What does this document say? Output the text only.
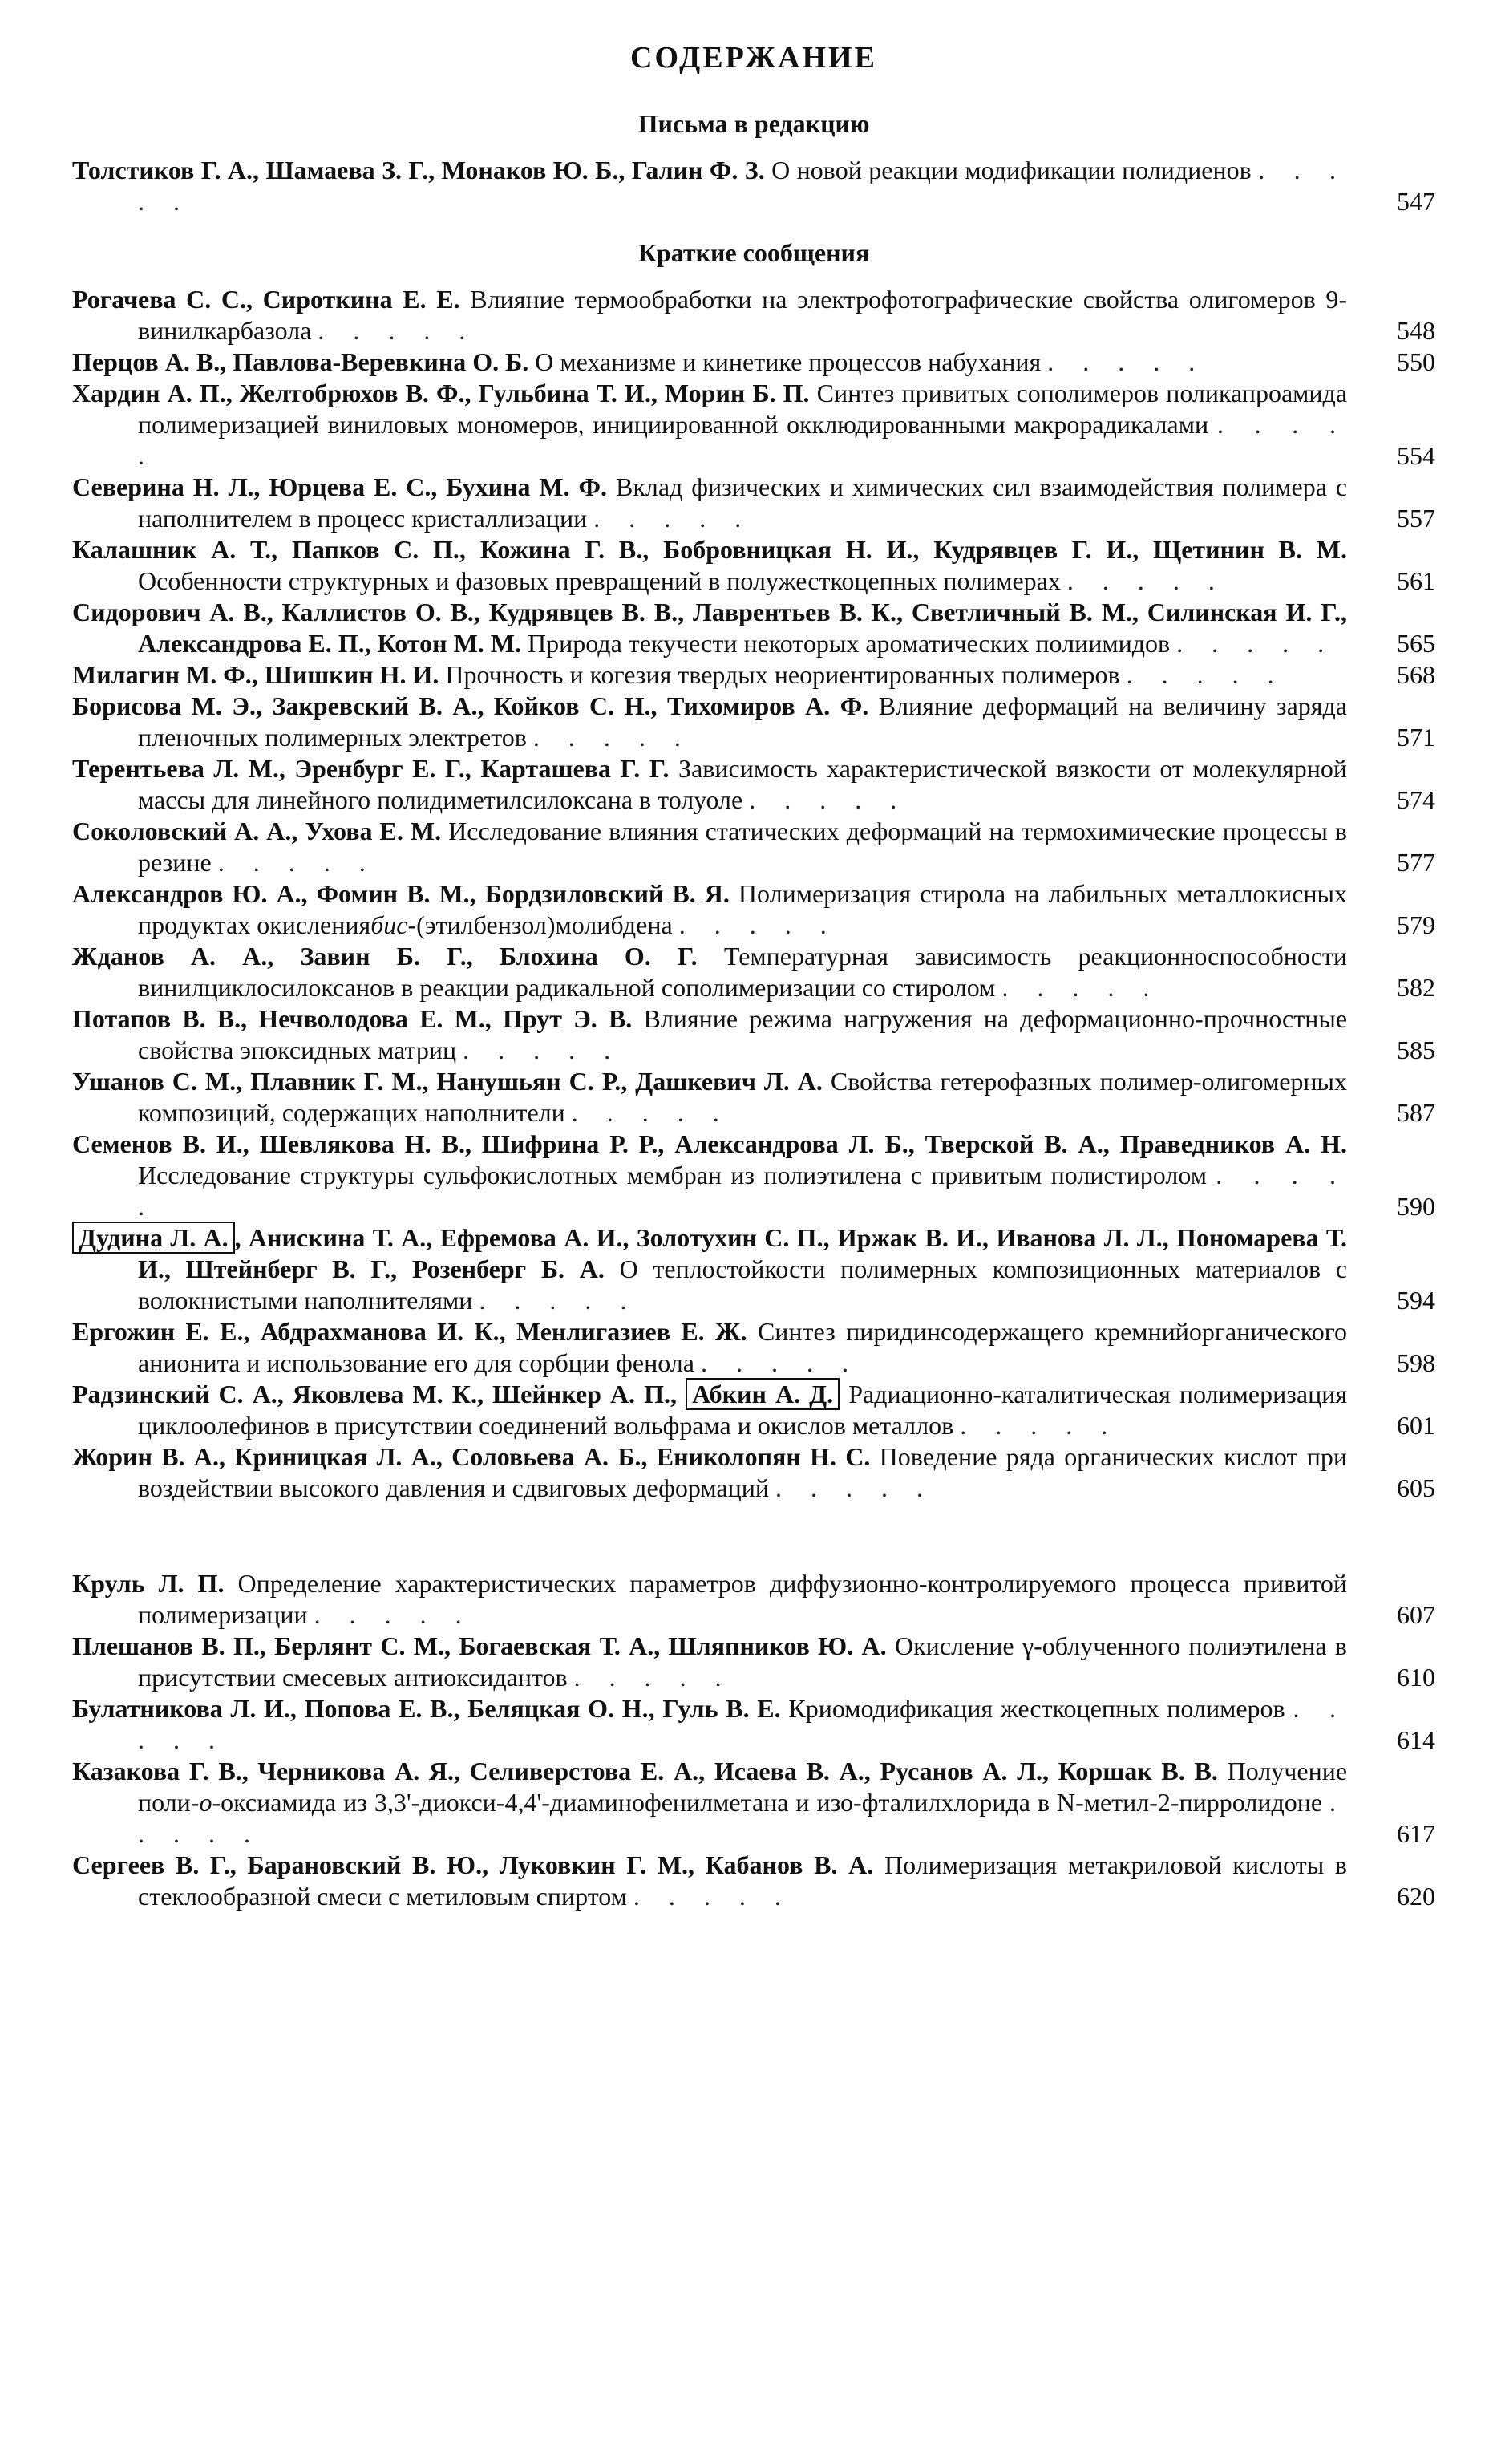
СОДЕРЖАНИЕ
Письма в редакцию
Толстиков Г. А., Шамаева З. Г., Монаков Ю. Б., Галин Ф. З. О новой реакции модификации полидиенов . . . . .	547
Краткие сообщения
Рогачева С. С., Сироткина Е. Е. Влияние термообработки на электрофотографические свойства олигомеров 9-винилкарбазола . . . . .	548
Перцов А. В., Павлова-Веревкина О. Б. О механизме и кинетике процессов набухания . . . . .	550
Хардин А. П., Желтобрюхов В. Ф., Гульбина Т. И., Морин Б. П. Синтез привитых сополимеров поликапроамида полимеризацией виниловых мономеров, инициированной окклюдированными макрорадикалами . . . . .	554
Северина Н. Л., Юрцева Е. С., Бухина М. Ф. Вклад физических и химических сил взаимодействия полимера с наполнителем в процесс кристаллизации . . . . .	557
Калашник А. Т., Папков С. П., Кожина Г. В., Бобровницкая Н. И., Кудрявцев Г. И., Щетинин В. М. Особенности структурных и фазовых превращений в полужесткоцепных полимерах . . . . .	561
Сидорович А. В., Каллистов О. В., Кудрявцев В. В., Лаврентьев В. К., Светличный В. М., Силинская И. Г., Александрова Е. П., Котон М. М. Природа текучести некоторых ароматических полиимидов . . . . .	565
Милагин М. Ф., Шишкин Н. И. Прочность и когезия твердых неориентированных полимеров . . . . .	568
Борисова М. Э., Закревский В. А., Койков С. Н., Тихомиров А. Ф. Влияние деформаций на величину заряда пленочных полимерных электретов . . . . .	571
Терентьева Л. М., Эренбург Е. Г., Карташева Г. Г. Зависимость характеристической вязкости от молекулярной массы для линейного полидиметилсилоксана в толуоле . . . . .	574
Соколовский А. А., Ухова Е. М. Исследование влияния статических деформаций на термохимические процессы в резине . . . . .	577
Александров Ю. А., Фомин В. М., Бордзиловский В. Я. Полимеризация стирола на лабильных металлокисных продуктах окислениябис-(этилбензол)молибдена . . . . .	579
Жданов А. А., Завин Б. Г., Блохина О. Г. Температурная зависимость реакционноспособности винилциклосилоксанов в реакции радикальной сополимеризации со стиролом . . . . .	582
Потапов В. В., Нечволодова Е. М., Прут Э. В. Влияние режима нагружения на деформационно-прочностные свойства эпоксидных матриц . . . . .	585
Ушанов С. М., Плавник Г. М., Нанушьян С. Р., Дашкевич Л. А. Свойства гетерофазных полимер-олигомерных композиций, содержащих наполнители . . . . .	587
Семенов В. И., Шевлякова Н. В., Шифрина Р. Р., Александрова Л. Б., Тверской В. А., Праведников А. Н. Исследование структуры сульфокислотных мембран из полиэтилена с привитым полистиролом . . . . .	590
Дудина Л. А. , Анискина Т. А., Ефремова А. И., Золотухин С. П., Иржак В. И., Иванова Л. Л., Пономарева Т. И., Штейнберг В. Г., Розенберг Б. А. О теплостойкости полимерных композиционных материалов с волокнистыми наполнителями . . . . .	594
Ергожин Е. Е., Абдрахманова И. К., Менлигазиев Е. Ж. Синтез пиридинсодержащего кремнийорганического анионита и использование его для сорбции фенола . . . . .	598
Радзинский С. А., Яковлева М. К., Шейнкер А. П., Абкин А. Д. Радиационно-каталитическая полимеризация циклоолефинов в присутствии соединений вольфрама и окислов металлов . . . . .	601
Жорин В. А., Криницкая Л. А., Соловьева А. Б., Ениколопян Н. С. Поведение ряда органических кислот при воздействии высокого давления и сдвиговых деформаций . . . . .	605
Круль Л. П. Определение характеристических параметров диффузионно-контролируемого процесса привитой полимеризации . . . . .	607
Плешанов В. П., Берлянт С. М., Богаевская Т. А., Шляпников Ю. А. Окисление γ-облученного полиэтилена в присутствии смесевых антиоксидантов . . . . .	610
Булатникова Л. И., Попова Е. В., Беляцкая О. Н., Гуль В. Е. Криомодификация жесткоцепных полимеров . . . . .	614
Казакова Г. В., Черникова А. Я., Селиверстова Е. А., Исаева В. А., Русанов А. Л., Коршак В. В. Получение поли-о-оксиамида из 3,3'-диокси-4,4'-диаминофенилметана и изо-фталилхлорида в N-метил-2-пирролидоне . . . . .	617
Сергеев В. Г., Барановский В. Ю., Луковкин Г. М., Кабанов В. А. Полимеризация метакриловой кислоты в стеклообразной смеси с метиловым спиртом . . . . .	620
